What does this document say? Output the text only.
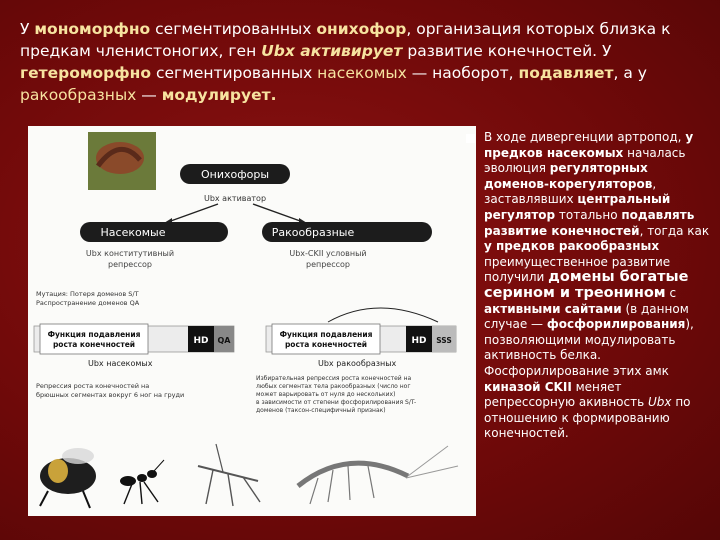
У мономорфно сегментированных онихофор, организация которых близка к предкам членистоногих, ген Ubx активирует развитие конечностей. У гетероморфно сегментированных насекомых — наоборот, подавляет, а у ракообразных — модулирует.
Онихофоры
Ubx активатор
Насекомые	Ракообразные
Ubx конститутивный
репрессор
Ubx-CKII условный
репрессор
Мутация: Потеря доменов S/T
Распространение доменов QA
Функция подавления
роста конечностей	HD QA
Ubx насекомых
Функция подавления
роста конечностей	HD SSS
Ubx ракообразных
Репрессия роста конечностей на
брюшных сегментах вокруг 6 ног на груди
Избирательная репрессия роста конечностей на
любых сегментах тела ракообразных (число ног
может варьировать от нуля до нескольких)
в зависимости от степени фосфорилирования S/T-
доменов (таксон-специфичный признак)
В ходе дивергенции артропод, у предков насекомых началась эволюция регуляторных доменов-корегуляторов, заставлявших центральный регулятор тотально подавлять развитие конечностей, тогда как у предков ракообразных преимущественное развитие получили домены богатые серином и треонином с активными сайтами (в данном случае — фосфорилирования), позволяющими модулировать активность белка. Фосфорилирование этих амк киназой CKII меняет репрессорную акивность Ubx по отношению к формированию конечностей.
